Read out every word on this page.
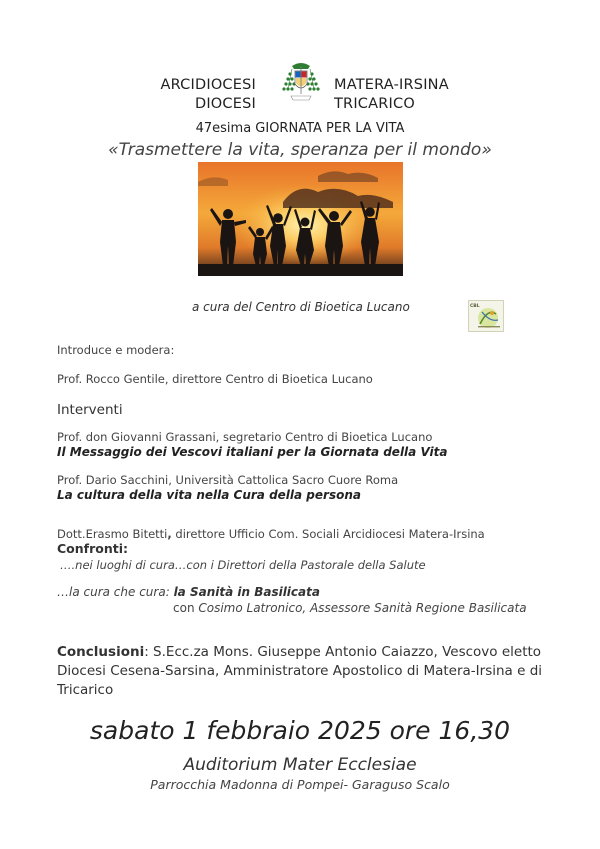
ARCIDIOCESI
DIOCESI
MATERA-IRSINA
TRICARICO
47esima GIORNATA PER LA VITA
«Trasmettere la vita, speranza per il mondo»
a cura del Centro di Bioetica Lucano	CBL
Introduce e modera:
Prof. Rocco Gentile, direttore Centro di Bioetica Lucano
Interventi
Prof. don Giovanni Grassani, segretario Centro di Bioetica Lucano
Il Messaggio dei Vescovi italiani per la Giornata della Vita
Prof. Dario Sacchini, Università Cattolica Sacro Cuore Roma
La cultura della vita nella Cura della persona
Dott.Erasmo Bitetti, direttore Ufficio Com. Sociali Arcidiocesi Matera-Irsina
Confronti:
….nei luoghi di cura…con i Direttori della Pastorale della Salute
…la cura che cura: la Sanità in Basilicata
con Cosimo Latronico, Assessore Sanità Regione Basilicata
Conclusioni: S.Ecc.za Mons. Giuseppe Antonio Caiazzo, Vescovo eletto Diocesi Cesena-Sarsina, Amministratore Apostolico di Matera-Irsina e di Tricarico
sabato 1 febbraio 2025 ore 16,30
Auditorium Mater Ecclesiae
Parrocchia Madonna di Pompei- Garaguso Scalo
